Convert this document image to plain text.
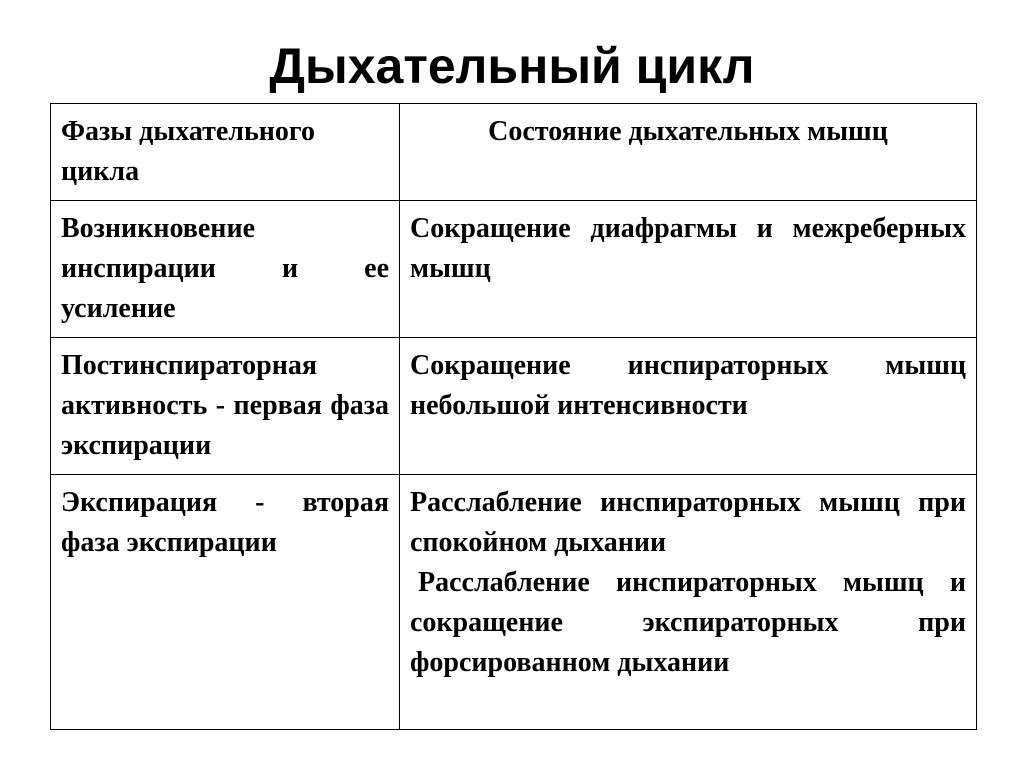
Дыхательный цикл
Фазы дыхательного цикла	Состояние дыхательных мышц

Возникновение инспирации и ее усиление	Сокращение диафрагмы и межреберных мышц

Постинспираторная активность - первая фаза экспирации	Сокращение инспираторных мышц небольшой интенсивности

Экспирация - вторая фаза экспирации	Расслабление инспираторных мышц при спокойном дыхании
Расслабление инспираторных мышц и сокращение экспираторных при форсированном дыхании
